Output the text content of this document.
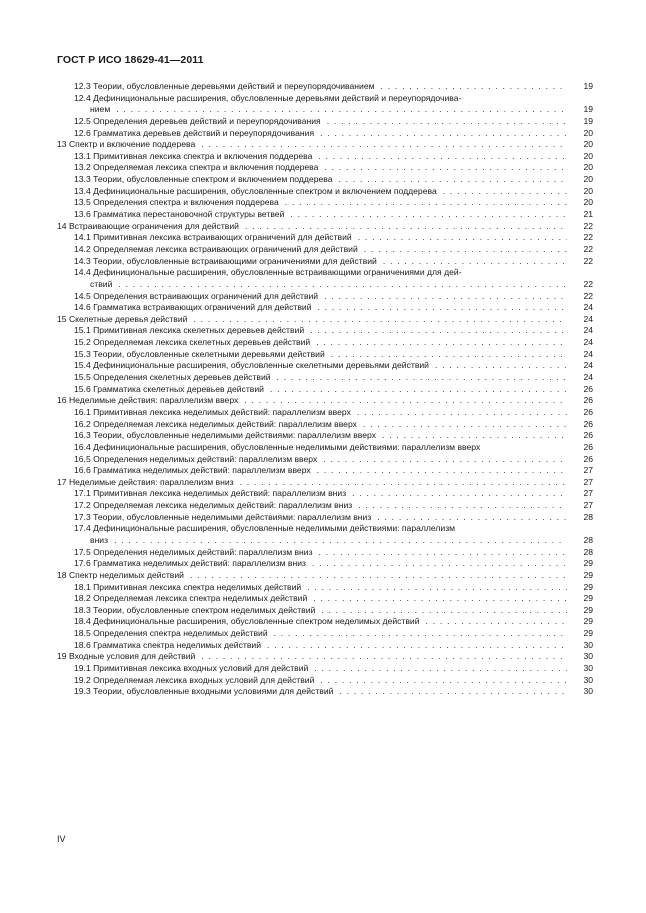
ГОСТ Р ИСО 18629-41—2011
12.3 Теории, обусловленные деревьями действий и переупорядочиванием . . .	19
12.4 Дефинициональные расширения, обусловленные деревьями действий и переупорядочива-
нием . . .	19
12.5 Определения деревьев действий и переупорядочивания . . .	19
12.6 Грамматика деревьев действий и переупорядочивания . . .	20
13 Спектр и включение поддерева . . .	20
13.1 Примитивная лексика спектра и включения поддерева . . .	20
13.2 Определяемая лексика спектра и включения поддерева . . .	20
13.3 Теории, обусловленные спектром и включением поддерева . . .	20
13.4 Дефинициональные расширения, обусловленные спектром и включением поддерева . . .	20
13.5 Определения спектра и включения поддерева . . .	20
13.6 Грамматика перестановочной структуры ветвей . . .	21
14 Встраивающие ограничения для действий . . .	22
14.1 Примитивная лексика встраивающих ограничений для действий . . .	22
14.2 Определяемая лексика встраивающих ограничений для действий . . .	22
14.3 Теории, обусловленные встраивающими ограничениями для действий . . .	22
14.4 Дефинициональные расширения, обусловленные встраивающими ограничениями для дей-
ствий . . .	22
14.5 Определения встраивающих ограничений для действий . . .	22
14.6 Грамматика встраивающих ограничений для действий . . .	24
15 Скелетные деревья действий . . .	24
15.1 Примитивная лексика скелетных деревьев действий . . .	24
15.2 Определяемая лексика скелетных деревьев действий . . .	24
15.3 Теории, обусловленные скелетными деревьями действий . . .	24
15.4 Дефинициональные расширения, обусловленные скелетными деревьями действий . . .	24
15.5 Определения скелетных деревьев действий . . .	24
15.6 Грамматика скелетных деревьев действий . . .	26
16 Неделимые действия: параллелизм вверх . . .	26
16.1 Примитивная лексика неделимых действий: параллелизм вверх . . .	26
16.2 Определяемая лексика неделимых действий: параллелизм вверх . . .	26
16.3 Теории, обусловленные неделимыми действиями: параллелизм вверх . . .	26
16.4 Дефинициональные расширения, обусловленные неделимыми действиями: параллелизм вверх	26
16.5 Определения неделимых действий: параллелизм вверх . . .	26
16.6 Грамматика неделимых действий: параллелизм вверх . . .	27
17 Неделимые действия: параллелизм вниз . . .	27
17.1 Примитивная лексика неделимых действий: параллелизм вниз . . .	27
17.2 Определяемая лексика неделимых действий: параллелизм вниз . . .	27
17.3 Теории, обусловленные неделимыми действиями: параллелизм вниз . . .	28
17.4 Дефинициональные расширения, обусловленные неделимыми действиями: параллелизм
вниз . . .	28
17.5 Определения неделимых действий: параллелизм вниз . . .	28
17.6 Грамматика неделимых действий: параллелизм вниз . . .	29
18 Спектр неделимых действий . . .	29
18.1 Примитивная лексика спектра неделимых действий . . .	29
18.2 Определяемая лексика спектра неделимых действий . . .	29
18.3 Теории, обусловленные спектром неделимых действий . . .	29
18.4 Дефинициональные расширения, обусловленные спектром неделимых действий . . .	29
18.5 Определения спектра неделимых действий . . .	29
18.6 Грамматика спектра неделимых действий . . .	30
19 Входные условия для действий . . .	30
19.1 Примитивная лексика входных условий для действий . . .	30
19.2 Определяемая лексика входных условий для действий . . .	30
19.3 Теории, обусловленные входными условиями для действий . . .	30
IV
